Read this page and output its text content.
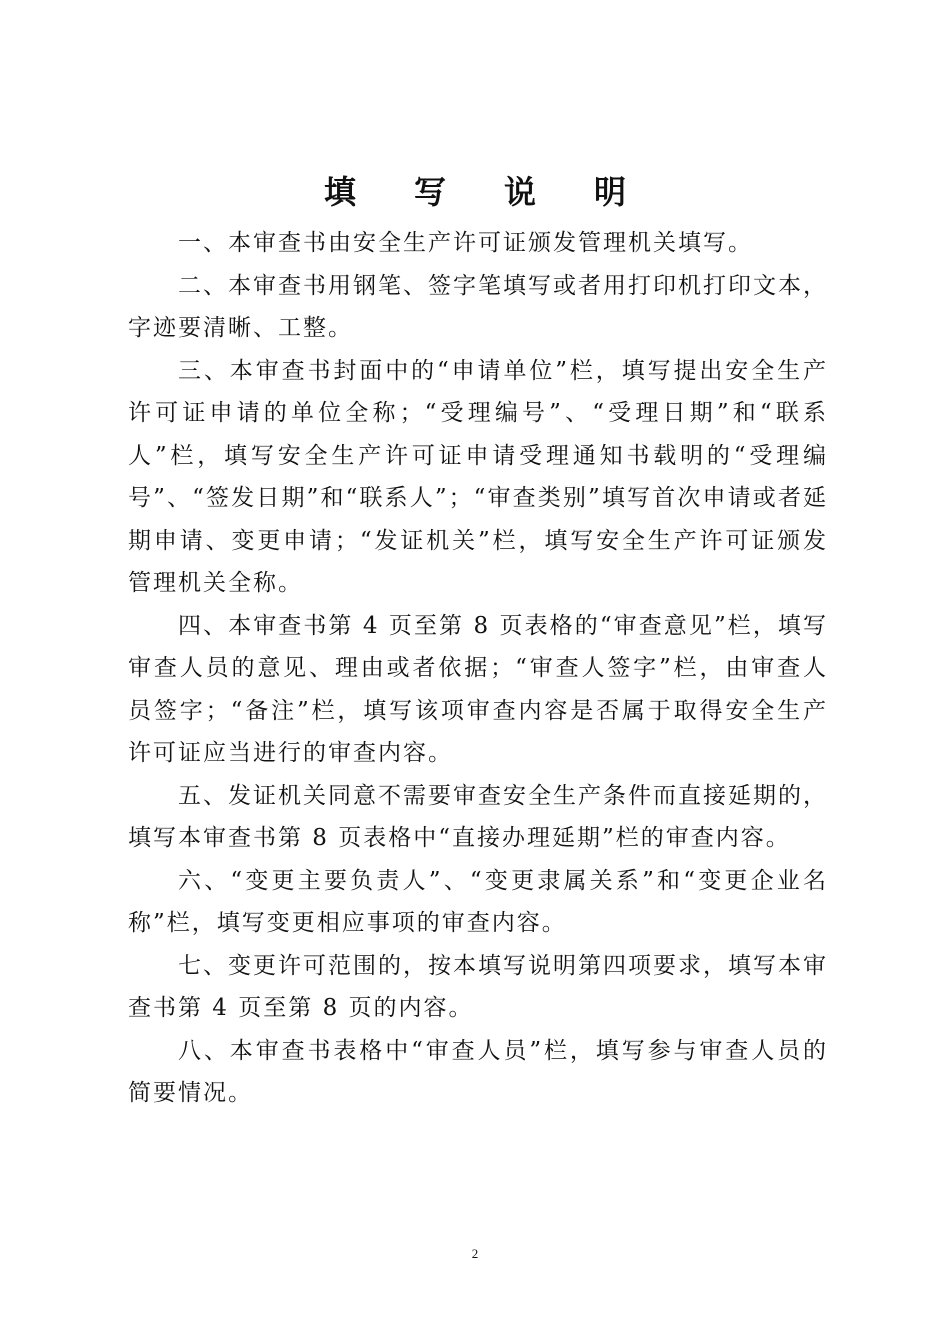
填 写 说 明

一、本审查书由安全生产许可证颁发管理机关填写。

二、本审查书用钢笔、签字笔填写或者用打印机打印文本，字迹要清晰、工整。

三、本审查书封面中的“申请单位”栏，填写提出安全生产许可证申请的单位全称；“受理编号”、“受理日期”和“联系人”栏，填写安全生产许可证申请受理通知书载明的“受理编号”、“签发日期”和“联系人”；“审查类别”填写首次申请或者延期申请、变更申请；“发证机关”栏，填写安全生产许可证颁发管理机关全称。

四、本审查书第 4 页至第 8 页表格的“审查意见”栏，填写审查人员的意见、理由或者依据；“审查人签字”栏，由审查人员签字；“备注”栏，填写该项审查内容是否属于取得安全生产许可证应当进行的审查内容。

五、发证机关同意不需要审查安全生产条件而直接延期的，填写本审查书第 8 页表格中“直接办理延期”栏的审查内容。

六、“变更主要负责人”、“变更隶属关系”和“变更企业名称”栏，填写变更相应事项的审查内容。

七、变更许可范围的，按本填写说明第四项要求，填写本审查书第 4 页至第 8 页的内容。

八、本审查书表格中“审查人员”栏，填写参与审查人员的简要情况。

2
